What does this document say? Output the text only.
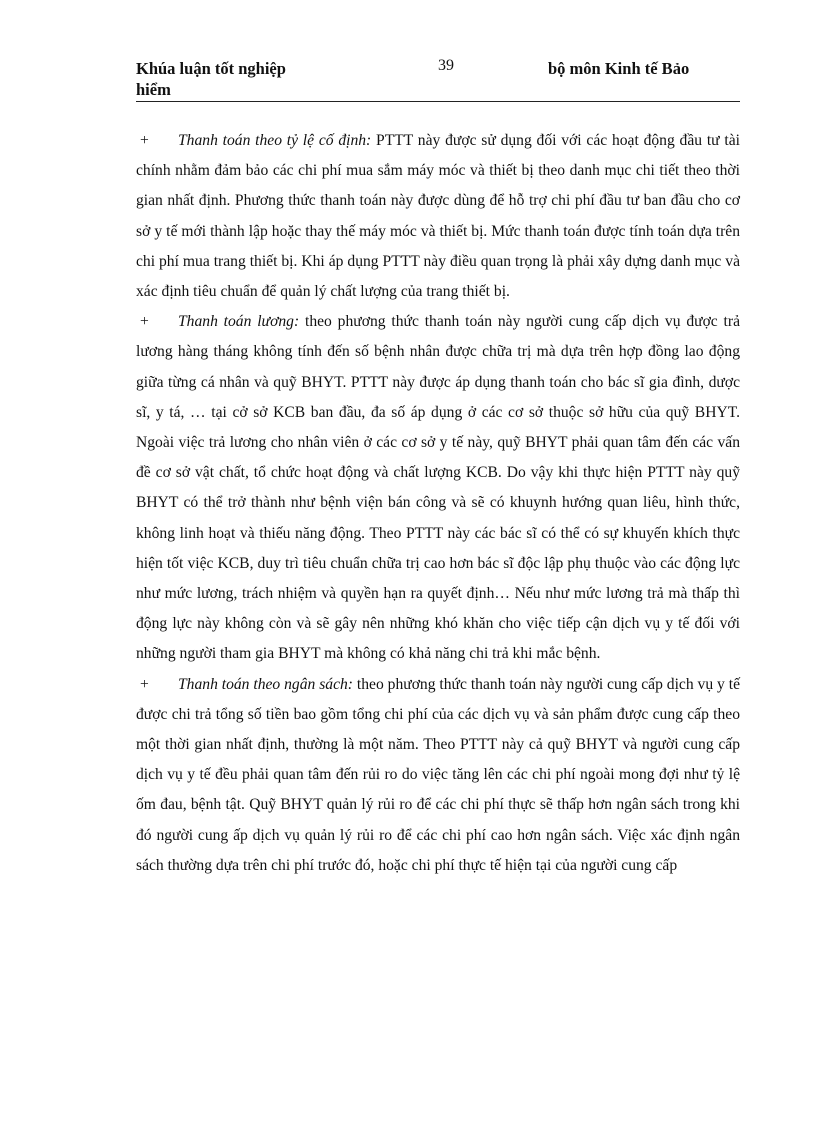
Khúa luận tốt nghiệp	39	bộ môn Kinh tế Bảo
hiểm

+ Thanh toán theo tỷ lệ cố định: PTTT này được sử dụng đối với các hoạt động đầu tư tài chính nhằm đảm bảo các chi phí mua sắm máy móc và thiết bị theo danh mục chi tiết theo thời gian nhất định. Phương thức thanh toán này được dùng để hỗ trợ chi phí đầu tư ban đầu cho cơ sở y tế mới thành lập hoặc thay thế máy móc và thiết bị. Mức thanh toán được tính toán dựa trên chi phí mua trang thiết bị. Khi áp dụng PTTT này điều quan trọng là phải xây dựng danh mục và xác định tiêu chuẩn để quản lý chất lượng của trang thiết bị.

+ Thanh toán lương: theo phương thức thanh toán này người cung cấp dịch vụ được trả lương hàng tháng không tính đến số bệnh nhân được chữa trị mà dựa trên hợp đồng lao động giữa từng cá nhân và quỹ BHYT. PTTT này được áp dụng thanh toán cho bác sĩ gia đình, dược sĩ, y tá, … tại cở sở KCB ban đầu, đa số áp dụng ở các cơ sở thuộc sở hữu của quỹ BHYT. Ngoài việc trả lương cho nhân viên ở các cơ sở y tế này, quỹ BHYT phải quan tâm đến các vấn đề cơ sở vật chất, tổ chức hoạt động và chất lượng KCB. Do vậy khi thực hiện PTTT này quỹ BHYT có thể trở thành như bệnh viện bán công và sẽ có khuynh hướng quan liêu, hình thức, không linh hoạt và thiếu năng động. Theo PTTT này các bác sĩ có thể có sự khuyến khích thực hiện tốt việc KCB, duy trì tiêu chuẩn chữa trị cao hơn bác sĩ độc lập phụ thuộc vào các động lực như mức lương, trách nhiệm và quyền hạn ra quyết định… Nếu như mức lương trả mà thấp thì động lực này không còn và sẽ gây nên những khó khăn cho việc tiếp cận dịch vụ y tế đối với những người tham gia BHYT mà không có khả năng chi trả khi mắc bệnh.

+ Thanh toán theo ngân sách: theo phương thức thanh toán này người cung cấp dịch vụ y tế được chi trả tổng số tiền bao gồm tổng chi phí của các dịch vụ và sản phẩm được cung cấp theo một thời gian nhất định, thường là một năm. Theo PTTT này cả quỹ BHYT và người cung cấp dịch vụ y tế đều phải quan tâm đến rủi ro do việc tăng lên các chi phí ngoài mong đợi như tỷ lệ ốm đau, bệnh tật. Quỹ BHYT quản lý rủi ro để các chi phí thực sẽ thấp hơn ngân sách trong khi đó người cung ấp dịch vụ quản lý rủi ro để các chi phí cao hơn ngân sách. Việc xác định ngân sách thường dựa trên chi phí trước đó, hoặc chi phí thực tế hiện tại của người cung cấp
